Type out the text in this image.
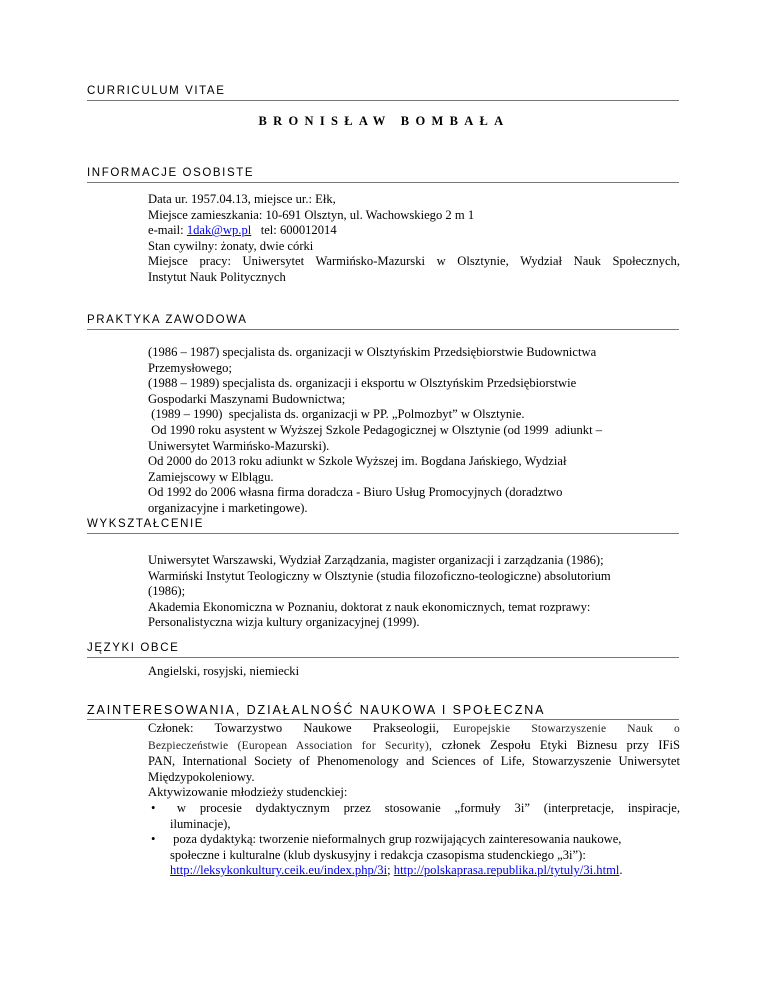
CURRICULUM VITAE
BRONISŁAW BOMBAŁA
INFORMACJE OSOBISTE

Data ur. 1957.04.13, miejsce ur.: Ełk,

Miejsce zamieszkania: 10-691 Olsztyn, ul. Wachowskiego 2 m 1

e-mail: 1dak@wp.pl tel: 600012014

Stan cywilny: żonaty, dwie córki

Miejsce pracy: Uniwersytet Warmińsko-Mazurski w Olsztynie, Wydział Nauk Społecznych,

Instytut Nauk Politycznych

PRAKTYKA ZAWODOWA

(1986 – 1987) specjalista ds. organizacji w Olsztyńskim Przedsiębiorstwie Budownictwa

Przemysłowego;

(1988 – 1989) specjalista ds. organizacji i eksportu w Olsztyńskim Przedsiębiorstwie

Gospodarki Maszynami Budownictwa;

(1989 – 1990)  specjalista ds. organizacji w PP. „Polmozbyt” w Olsztynie.

Od 1990 roku asystent w Wyższej Szkole Pedagogicznej w Olsztynie (od 1999  adiunkt –

Uniwersytet Warmińsko-Mazurski).

Od 2000 do 2013 roku adiunkt w Szkole Wyższej im. Bogdana Jańskiego, Wydział

Zamiejscowy w Elblągu.

Od 1992 do 2006 własna firma doradcza - Biuro Usług Promocyjnych (doradztwo

organizacyjne i marketingowe).

WYKSZTAŁCENIE

Uniwersytet Warszawski, Wydział Zarządzania, magister organizacji i zarządzania (1986);

Warmiński Instytut Teologiczny w Olsztynie (studia filozoficzno-teologiczne) absolutorium

(1986);

Akademia Ekonomiczna w Poznaniu, doktorat z nauk ekonomicznych, temat rozprawy:

Personalistyczna wizja kultury organizacyjnej (1999).

JĘZYKI OBCE

Angielski, rosyjski, niemiecki

ZAINTERESOWANIA, DZIAŁALNOŚĆ NAUKOWA I SPOŁECZNA

Członek:   Towarzystwo   Naukowe   Prakseologii,  Europejskie   Stowarzyszenie   Nauk   o

Bezpieczeństwie (European Association for Security), członek Zespołu Etyki Biznesu przy IFiS

PAN, International Society of Phenomenology and Sciences of Life, Stowarzyszenie Uniwersytet

Międzypokoleniowy.

Aktywizowanie młodzieży studenckiej:

• w  procesie  dydaktycznym  przez  stosowanie  „formuły  3i”  (interpretacje,  inspiracje,
iluminacje),
• poza dydaktyką: tworzenie nieformalnych grup rozwijających zainteresowania naukowe,
społeczne i kulturalne (klub dyskusyjny i redakcja czasopisma studenckiego „3i”):
http://leksykonkultury.ceik.eu/index.php/3i; http://polskaprasa.republika.pl/tytuly/3i.html.
